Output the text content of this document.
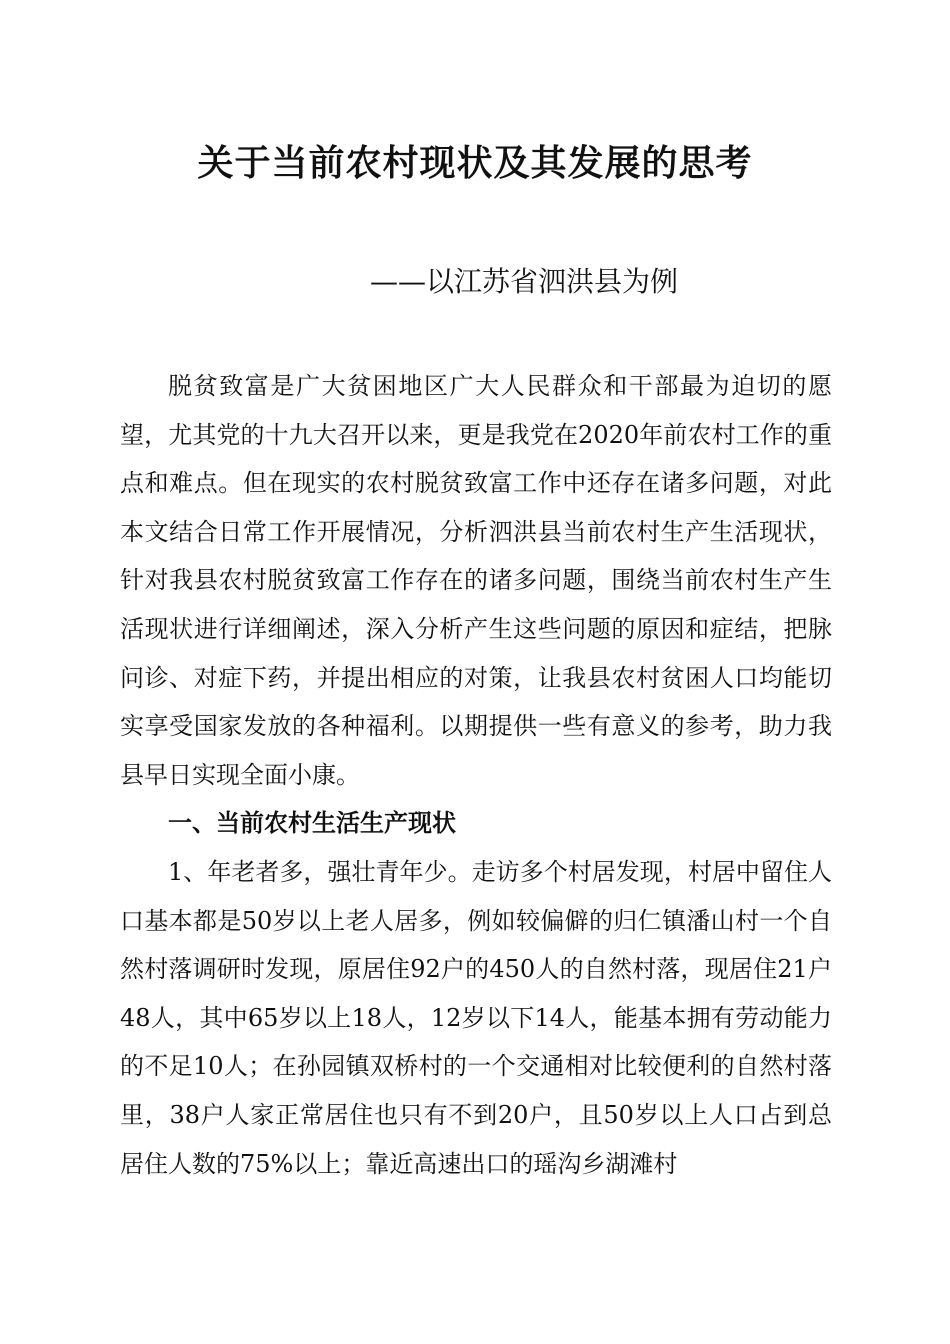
关于当前农村现状及其发展的思考
——以江苏省泗洪县为例

脱贫致富是广大贫困地区广大人民群众和干部最为迫切的愿望，尤其党的十九大召开以来，更是我党在2020年前农村工作的重点和难点。但在现实的农村脱贫致富工作中还存在诸多问题，对此本文结合日常工作开展情况，分析泗洪县当前农村生产生活现状，针对我县农村脱贫致富工作存在的诸多问题，围绕当前农村生产生活现状进行详细阐述，深入分析产生这些问题的原因和症结，把脉问诊、对症下药，并提出相应的对策，让我县农村贫困人口均能切实享受国家发放的各种福利。以期提供一些有意义的参考，助力我县早日实现全面小康。

一、当前农村生活生产现状

1、年老者多，强壮青年少。走访多个村居发现，村居中留住人口基本都是50岁以上老人居多，例如较偏僻的归仁镇潘山村一个自然村落调研时发现，原居住92户的450人的自然村落，现居住21户48人，其中65岁以上18人，12岁以下14人，能基本拥有劳动能力的不足10人；在孙园镇双桥村的一个交通相对比较便利的自然村落里，38户人家正常居住也只有不到20户，且50岁以上人口占到总居住人数的75%以上；靠近高速出口的瑶沟乡湖滩村
